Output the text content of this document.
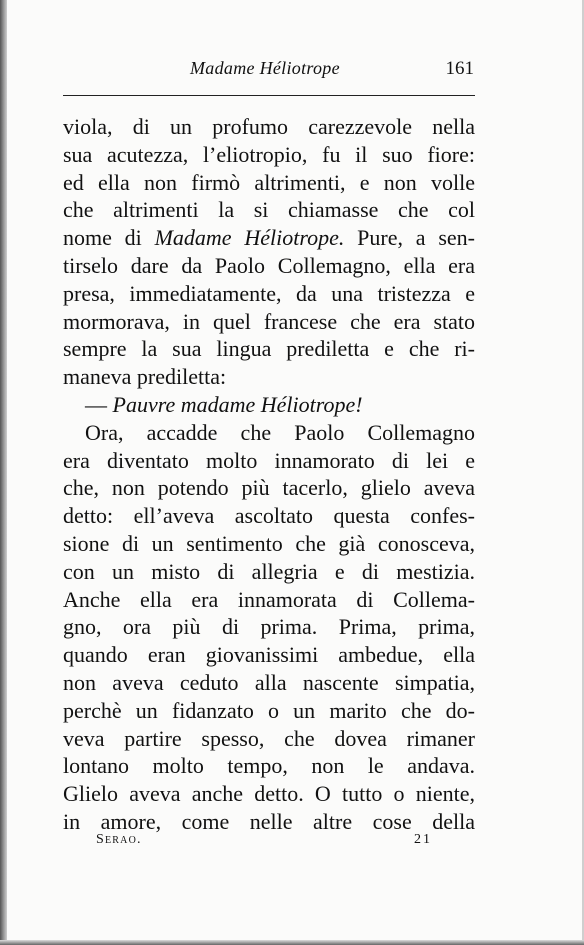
Madame Héliotrope	161
viola, di un profumo carezzevole nella
sua acutezza, l’eliotropio, fu il suo fiore:
ed ella non firmò altrimenti, e non volle
che altrimenti la si chiamasse che col
nome di Madame Héliotrope. Pure, a sen-
tirselo dare da Paolo Collemagno, ella era
presa, immediatamente, da una tristezza e
mormorava, in quel francese che era stato
sempre la sua lingua prediletta e che ri-
maneva prediletta:
— Pauvre madame Héliotrope!
Ora, accadde che Paolo Collemagno
era diventato molto innamorato di lei e
che, non potendo più tacerlo, glielo aveva
detto: ell’aveva ascoltato questa confes-
sione di un sentimento che già conosceva,
con un misto di allegria e di mestizia.
Anche ella era innamorata di Collema-
gno, ora più di prima. Prima, prima,
quando eran giovanissimi ambedue, ella
non aveva ceduto alla nascente simpatia,
perchè un fidanzato o un marito che do-
veva partire spesso, che dovea rimaner
lontano molto tempo, non le andava.
Glielo aveva anche detto. O tutto o niente,
in amore, come nelle altre cose della
Serao.	21
